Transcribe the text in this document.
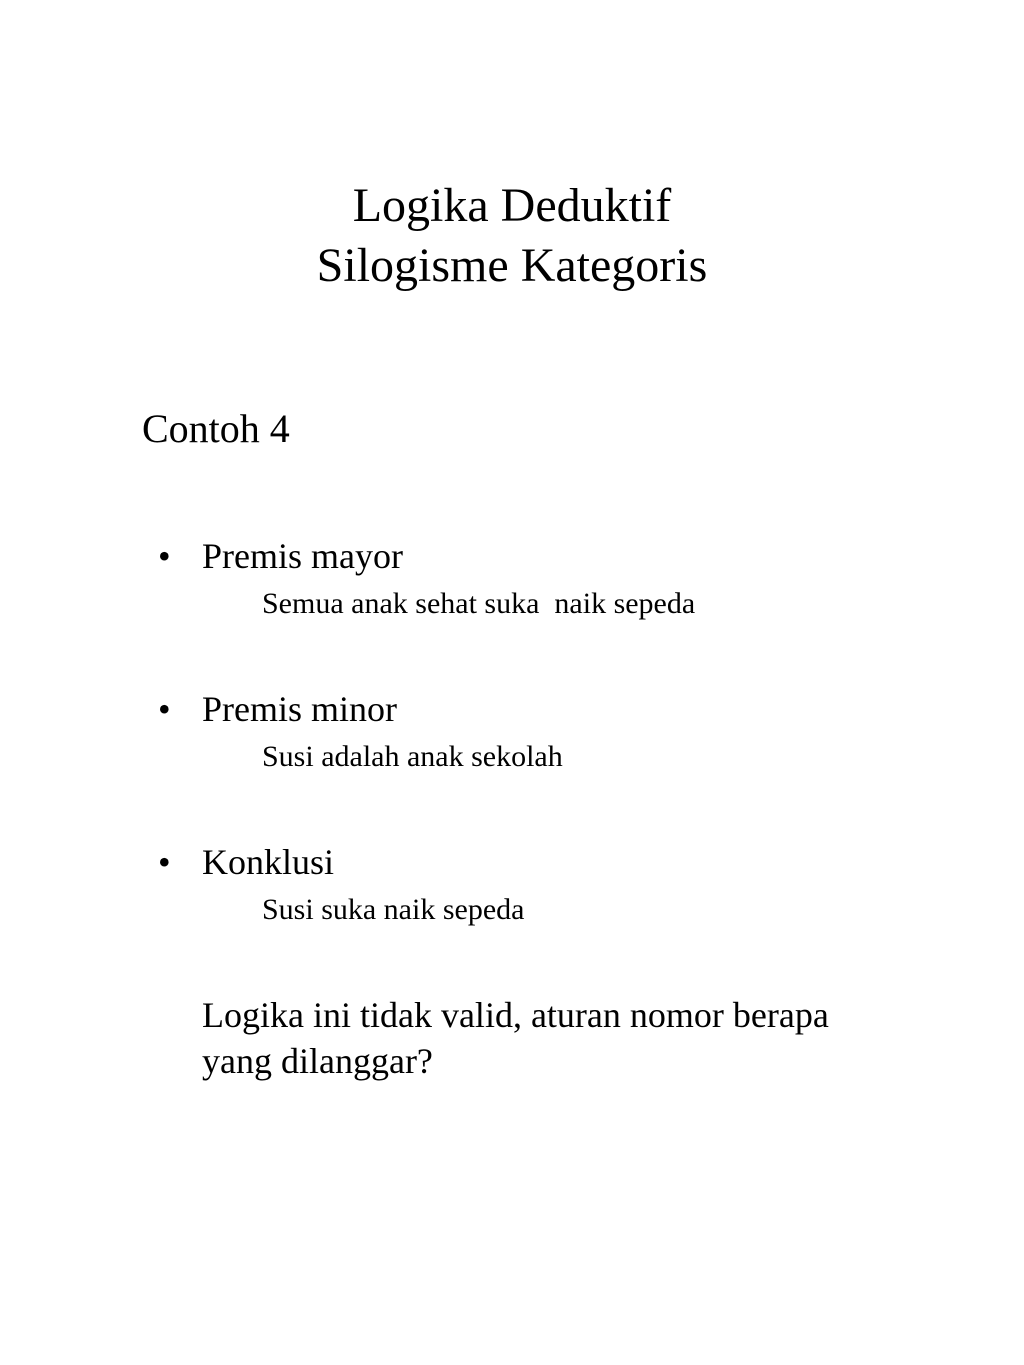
Logika Deduktif
Silogisme Kategoris
Contoh 4
• Premis mayor
Semua anak sehat suka  naik sepeda
• Premis minor
Susi adalah anak sekolah
• Konklusi
Susi suka naik sepeda
Logika ini tidak valid, aturan nomor berapa yang dilanggar?
